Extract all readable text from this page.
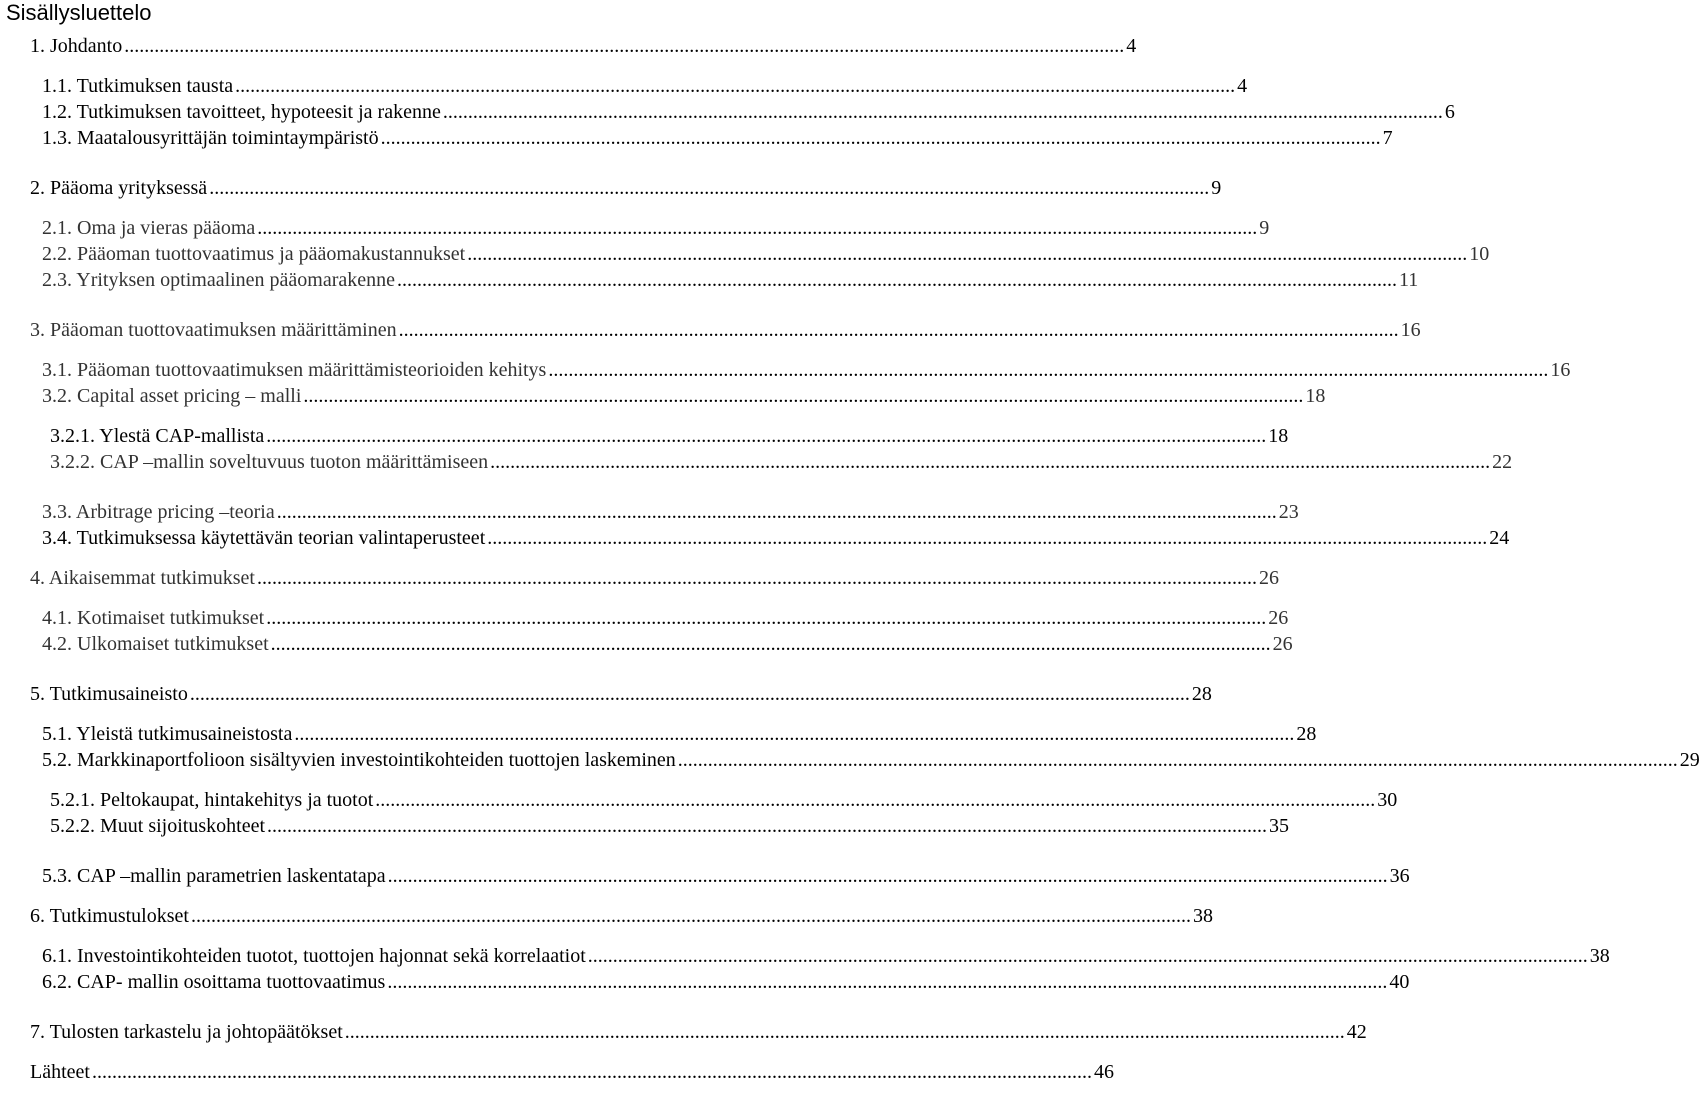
Sisällysluettelo
1. Johdanto ........................................................................................................................................................................................................ 4
1.1. Tutkimuksen tausta ........................................................................................................................................................................................................ 4
1.2. Tutkimuksen tavoitteet, hypoteesit ja rakenne ........................................................................................................................................................................................................ 6
1.3. Maatalousyrittäjän toimintaympäristö ........................................................................................................................................................................................................ 7
2. Pääoma yrityksessä ........................................................................................................................................................................................................ 9
2.1. Oma ja vieras pääoma ........................................................................................................................................................................................................ 9
2.2. Pääoman tuottovaatimus ja pääomakustannukset ........................................................................................................................................................................................................ 10
2.3. Yrityksen optimaalinen pääomarakenne ........................................................................................................................................................................................................ 11
3. Pääoman tuottovaatimuksen määrittäminen ........................................................................................................................................................................................................ 16
3.1. Pääoman tuottovaatimuksen määrittämisteorioiden kehitys ........................................................................................................................................................................................................ 16
3.2. Capital asset pricing – malli ........................................................................................................................................................................................................ 18
3.2.1. Ylestä CAP-mallista ........................................................................................................................................................................................................ 18
3.2.2. CAP –mallin soveltuvuus tuoton määrittämiseen ........................................................................................................................................................................................................ 22
3.3. Arbitrage pricing –teoria ........................................................................................................................................................................................................ 23
3.4. Tutkimuksessa käytettävän teorian valintaperusteet ........................................................................................................................................................................................................ 24
4. Aikaisemmat tutkimukset ........................................................................................................................................................................................................ 26
4.1. Kotimaiset tutkimukset ........................................................................................................................................................................................................ 26
4.2. Ulkomaiset tutkimukset ........................................................................................................................................................................................................ 26
5. Tutkimusaineisto ........................................................................................................................................................................................................ 28
5.1. Yleistä tutkimusaineistosta ........................................................................................................................................................................................................ 28
5.2. Markkinaportfolioon sisältyvien investointikohteiden tuottojen laskeminen ........................................................................................................................................................................................................ 29
5.2.1. Peltokaupat, hintakehitys ja tuotot ........................................................................................................................................................................................................ 30
5.2.2. Muut sijoituskohteet ........................................................................................................................................................................................................ 35
5.3. CAP –mallin parametrien laskentatapa ........................................................................................................................................................................................................ 36
6. Tutkimustulokset ........................................................................................................................................................................................................ 38
6.1. Investointikohteiden tuotot, tuottojen hajonnat sekä korrelaatiot ........................................................................................................................................................................................................ 38
6.2. CAP- mallin osoittama tuottovaatimus ........................................................................................................................................................................................................ 40
7. Tulosten tarkastelu ja johtopäätökset ........................................................................................................................................................................................................ 42
Lähteet ........................................................................................................................................................................................................ 46
